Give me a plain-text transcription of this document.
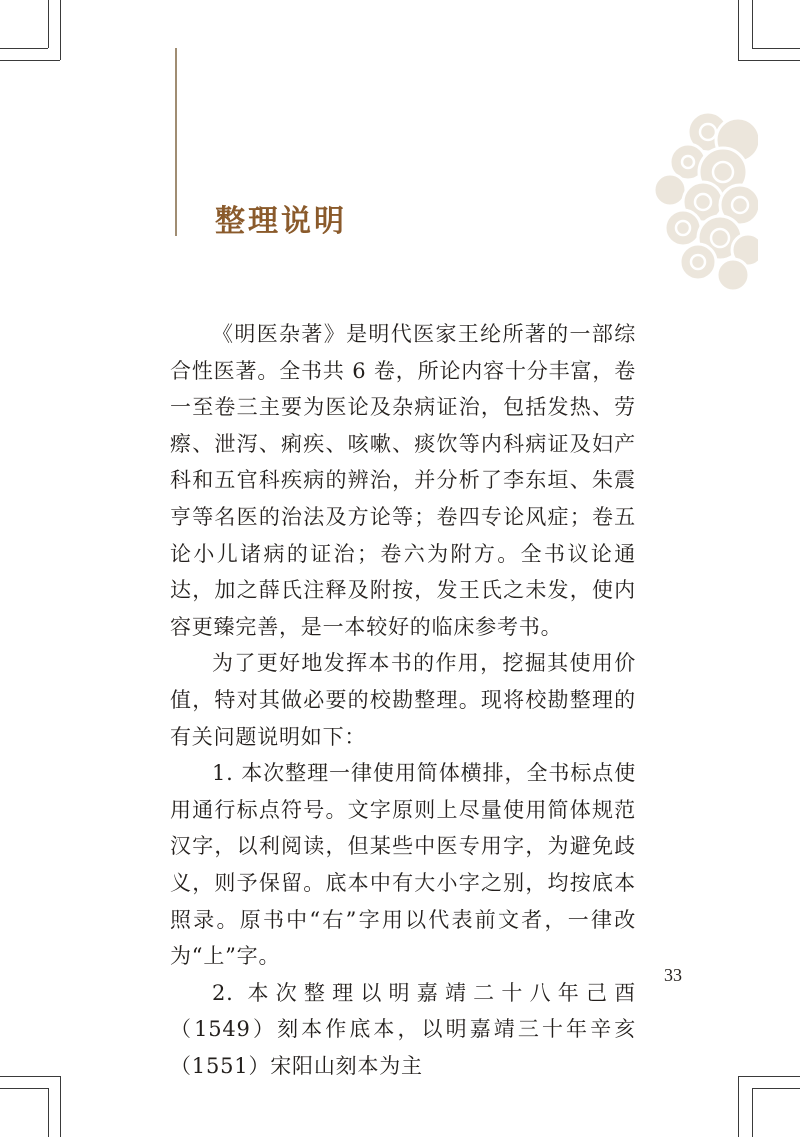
整理说明

《明医杂著》是明代医家王纶所著的一部综合性医著。全书共 6 卷，所论内容十分丰富，卷一至卷三主要为医论及杂病证治，包括发热、劳瘵、泄泻、痢疾、咳嗽、痰饮等内科病证及妇产科和五官科疾病的辨治，并分析了李东垣、朱震亨等名医的治法及方论等；卷四专论风症；卷五论小儿诸病的证治；卷六为附方。全书议论通达，加之薛氏注释及附按，发王氏之未发，使内容更臻完善，是一本较好的临床参考书。

为了更好地发挥本书的作用，挖掘其使用价值，特对其做必要的校勘整理。现将校勘整理的有关问题说明如下：

1. 本次整理一律使用简体横排，全书标点使用通行标点符号。文字原则上尽量使用简体规范汉字，以利阅读，但某些中医专用字，为避免歧义，则予保留。底本中有大小字之别，均按底本照录。原书中“右”字用以代表前文者，一律改为“上”字。

2. 本次整理以明嘉靖二十八年己酉（1549）刻本作底本，以明嘉靖三十年辛亥（1551）宋阳山刻本为主

33
